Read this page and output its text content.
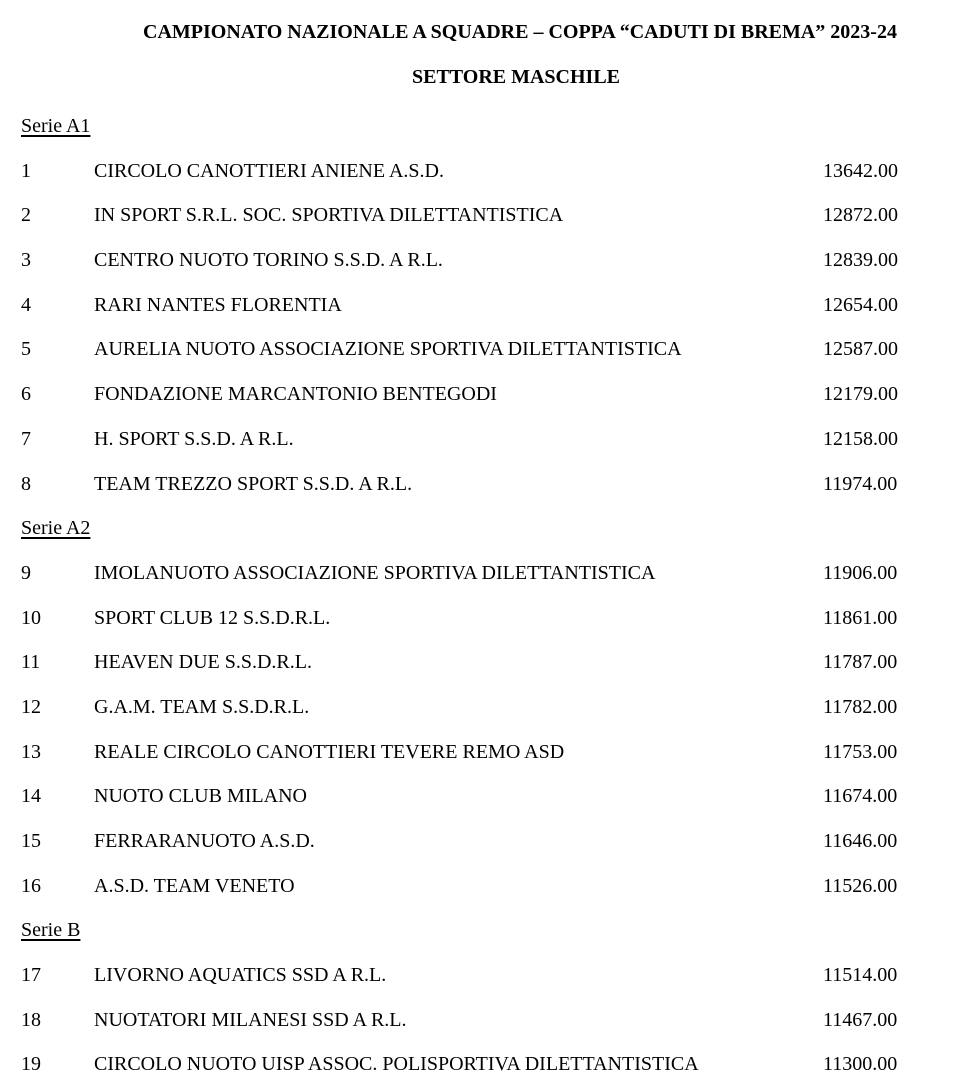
CAMPIONATO NAZIONALE A SQUADRE – COPPA “CADUTI DI BREMA” 2023-24
SETTORE MASCHILE
Serie A1
1	CIRCOLO CANOTTIERI ANIENE A.S.D.	13642.00
2	IN SPORT S.R.L. SOC. SPORTIVA DILETTANTISTICA	12872.00
3	CENTRO NUOTO TORINO S.S.D. A R.L.	12839.00
4	RARI NANTES FLORENTIA	12654.00
5	AURELIA NUOTO ASSOCIAZIONE SPORTIVA DILETTANTISTICA	12587.00
6	FONDAZIONE MARCANTONIO BENTEGODI	12179.00
7	H. SPORT S.S.D. A R.L.	12158.00
8	TEAM TREZZO SPORT S.S.D. A R.L.	11974.00
Serie A2
9	IMOLANUOTO ASSOCIAZIONE SPORTIVA DILETTANTISTICA	11906.00
10	SPORT CLUB 12 S.S.D.R.L.	11861.00
11	HEAVEN DUE S.S.D.R.L.	11787.00
12	G.A.M. TEAM S.S.D.R.L.	11782.00
13	REALE CIRCOLO CANOTTIERI TEVERE REMO ASD	11753.00
14	NUOTO CLUB MILANO	11674.00
15	FERRARANUOTO A.S.D.	11646.00
16	A.S.D. TEAM VENETO	11526.00
Serie B
17	LIVORNO AQUATICS SSD A R.L.	11514.00
18	NUOTATORI MILANESI SSD A R.L.	11467.00
19	CIRCOLO NUOTO UISP ASSOC. POLISPORTIVA DILETTANTISTICA	11300.00
